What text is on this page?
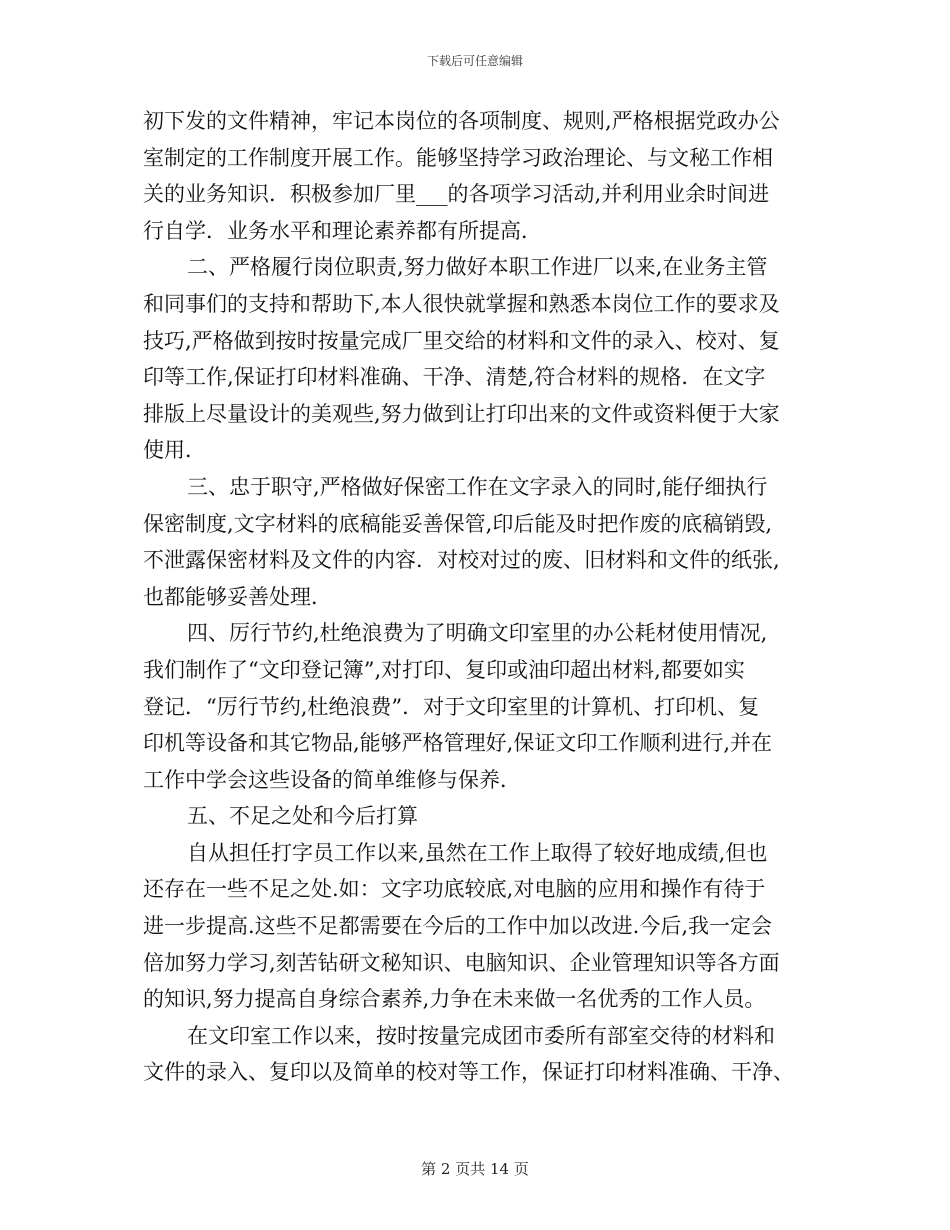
下载后可任意编辑
初下发的文件精神，牢记本岗位的各项制度、规则,严格根据党政办公
室制定的工作制度开展工作。能够坚持学习政治理论、与文秘工作相
关的业务知识．积极参加厂里___的各项学习活动,并利用业余时间进
行自学．业务水平和理论素养都有所提高．
二、严格履行岗位职责,努力做好本职工作进厂以来,在业务主管
和同事们的支持和帮助下,本人很快就掌握和熟悉本岗位工作的要求及
技巧,严格做到按时按量完成厂里交给的材料和文件的录入、校对、复
印等工作,保证打印材料准确、干净、清楚,符合材料的规格．在文字
排版上尽量设计的美观些,努力做到让打印出来的文件或资料便于大家
使用．
三、忠于职守,严格做好保密工作在文字录入的同时,能仔细执行
保密制度,文字材料的底稿能妥善保管,印后能及时把作废的底稿销毁,
不泄露保密材料及文件的内容．对校对过的废、旧材料和文件的纸张,
也都能够妥善处理．
四、厉行节约,杜绝浪费为了明确文印室里的办公耗材使用情况,
我们制作了“文印登记簿”,对打印、复印或油印超出材料,都要如实
登记．“厉行节约,杜绝浪费”．对于文印室里的计算机、打印机、复
印机等设备和其它物品,能够严格管理好,保证文印工作顺利进行,并在
工作中学会这些设备的简单维修与保养．
五、不足之处和今后打算
自从担任打字员工作以来,虽然在工作上取得了较好地成绩,但也
还存在一些不足之处.如：文字功底较底,对电脑的应用和操作有待于
进一步提高.这些不足都需要在今后的工作中加以改进.今后,我一定会
倍加努力学习,刻苦钻研文秘知识、电脑知识、企业管理知识等各方面
的知识,努力提高自身综合素养,力争在未来做一名优秀的工作人员。
在文印室工作以来，按时按量完成团市委所有部室交待的材料和
文件的录入、复印以及简单的校对等工作，保证打印材料准确、干净、
第 2 页共 14 页
